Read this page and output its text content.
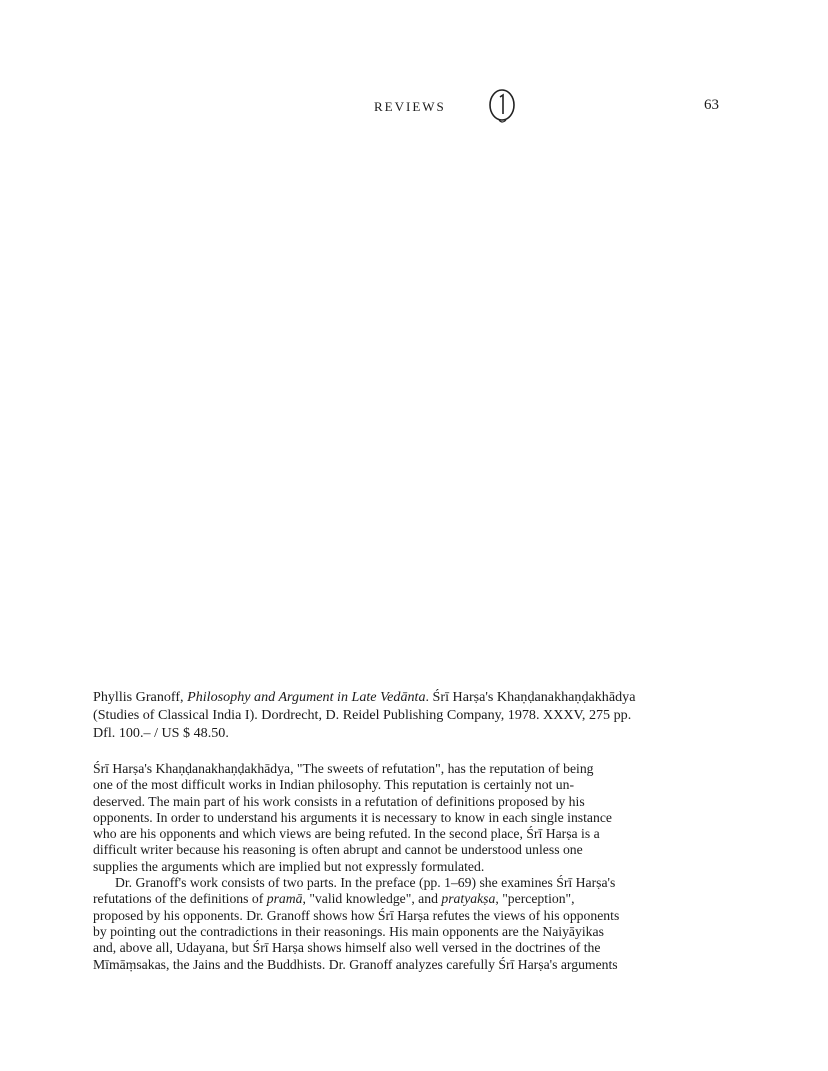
REVIEWS	63
Phyllis Granoff, Philosophy and Argument in Late Vedānta. Śrī Harṣa's Khaṇḍanakhaṇḍakhādya
(Studies of Classical India I). Dordrecht, D. Reidel Publishing Company, 1978. XXXV, 275 pp.
Dfl. 100.– / US $ 48.50.
Śrī Harṣa's Khaṇḍanakhaṇḍakhādya, "The sweets of refutation", has the reputation of being
one of the most difficult works in Indian philosophy. This reputation is certainly not un-
deserved. The main part of his work consists in a refutation of definitions proposed by his
opponents. In order to understand his arguments it is necessary to know in each single instance
who are his opponents and which views are being refuted. In the second place, Śrī Harṣa is a
difficult writer because his reasoning is often abrupt and cannot be understood unless one
supplies the arguments which are implied but not expressly formulated.
Dr. Granoff's work consists of two parts. In the preface (pp. 1–69) she examines Śrī Harṣa's
refutations of the definitions of pramā, "valid knowledge", and pratyakṣa, "perception",
proposed by his opponents. Dr. Granoff shows how Śrī Harṣa refutes the views of his opponents
by pointing out the contradictions in their reasonings. His main opponents are the Naiyāyikas
and, above all, Udayana, but Śrī Harṣa shows himself also well versed in the doctrines of the
Mīmāṃsakas, the Jains and the Buddhists. Dr. Granoff analyzes carefully Śrī Harṣa's arguments
